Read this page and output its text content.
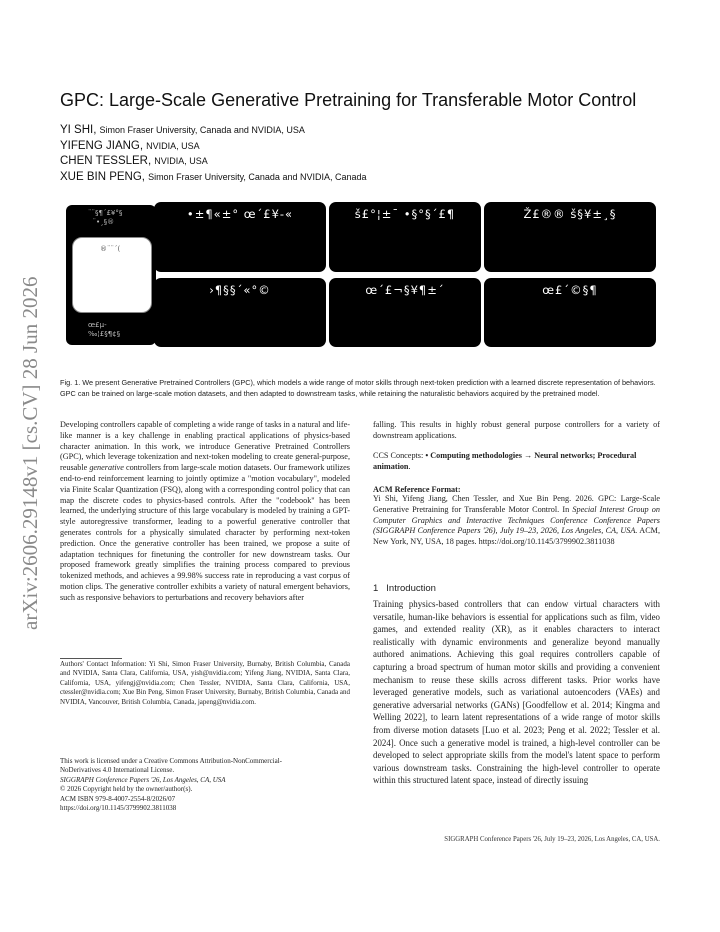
arXiv:2606.29148v1 [cs.CV] 28 Jun 2026
GPC: Large-Scale Generative Pretraining for Transferable Motor Control
YI SHI, Simon Fraser University, Canada and NVIDIA, USA
YIFENG JIANG, NVIDIA, USA
CHEN TESSLER, NVIDIA, USA
XUE BIN PENG, Simon Fraser University, Canada and NVIDIA, Canada
¨¨§¶´£¥°§
¨•¸§®
®¨¨´(
œ£µ-
‰¦£§¶¢§
•±¶«±° œ´£¥-«	š£°¦±¯ •§°§´£¶	Ž£®® š§¥±¸§
›¶§§´«°©	œ´£¬§¥¶±´	œ£´©§¶
Fig. 1. We present Generative Pretrained Controllers (GPC), which models a wide range of motor skills through next-token prediction with a learned discrete representation of behaviors. GPC can be trained on large-scale motion datasets, and then adapted to downstream tasks, while retaining the naturalistic behaviors acquired by the pretrained model.

Developing controllers capable of completing a wide range of tasks in a natural and life-like manner is a key challenge in enabling practical applications of physics-based character animation. In this work, we introduce Generative Pretrained Controllers (GPC), which leverage tokenization and next-token modeling to create general-purpose, reusable generative controllers from large-scale motion datasets. Our framework utilizes end-to-end reinforcement learning to jointly optimize a "motion vocabulary", modeled via Finite Scalar Quantization (FSQ), along with a corresponding control policy that can map the discrete codes to physics-based controls. After the "codebook" has been learned, the underlying structure of this large vocabulary is modeled by training a GPT-style autoregressive transformer, leading to a powerful generative controller that generates controls for a physically simulated character by performing next-token prediction. Once the generative controller has been trained, we propose a suite of adaptation techniques for finetuning the controller for new downstream tasks. Our proposed framework greatly simplifies the training process compared to previous tokenized methods, and achieves a 99.98% success rate in reproducing a vast corpus of motion clips. The generative controller exhibits a variety of natural emergent behaviors, such as responsive behaviors to perturbations and recovery behaviors after

Authors' Contact Information: Yi Shi, Simon Fraser University, Burnaby, British Columbia, Canada and NVIDIA, Santa Clara, California, USA, yish@nvidia.com; Yifeng Jiang, NVIDIA, Santa Clara, California, USA, yifengj@nvidia.com; Chen Tessler, NVIDIA, Santa Clara, California, USA, ctessler@nvidia.com; Xue Bin Peng, Simon Fraser University, Burnaby, British Columbia, Canada and NVIDIA, Vancouver, British Columbia, Canada, japeng@nvidia.com.
This work is licensed under a Creative Commons Attribution-NonCommercial-
NoDerivatives 4.0 International License.
SIGGRAPH Conference Papers '26, Los Angeles, CA, USA
© 2026 Copyright held by the owner/author(s).
ACM ISBN 979-8-4007-2554-8/2026/07
https://doi.org/10.1145/3799902.3811038

falling. This results in highly robust general purpose controllers for a variety of downstream applications.

CCS Concepts: • Computing methodologies → Neural networks; Procedural animation.
ACM Reference Format:
Yi Shi, Yifeng Jiang, Chen Tessler, and Xue Bin Peng. 2026. GPC: Large-Scale Generative Pretraining for Transferable Motor Control. In Special Interest Group on Computer Graphics and Interactive Techniques Conference Conference Papers (SIGGRAPH Conference Papers '26), July 19–23, 2026, Los Angeles, CA, USA. ACM, New York, NY, USA, 18 pages. https://doi.org/10.1145/3799902.3811038
1 Introduction
Training physics-based controllers that can endow virtual characters with versatile, human-like behaviors is essential for applications such as film, video games, and extended reality (XR), as it enables characters to interact realistically with dynamic environments and generalize beyond manually authored animations. Achieving this goal requires controllers capable of capturing a broad spectrum of human motor skills and providing a convenient mechanism to reuse these skills across different tasks. Prior works have leveraged generative models, such as variational autoencoders (VAEs) and generative adversarial networks (GANs) [Goodfellow et al. 2014; Kingma and Welling 2022], to learn latent representations of a wide range of motor skills from diverse motion datasets [Luo et al. 2023; Peng et al. 2022; Tessler et al. 2024]. Once such a generative model is trained, a high-level controller can be developed to select appropriate skills from the model's latent space to perform various downstream tasks. Constraining the high-level controller to operate within this structured latent space, instead of directly issuing
SIGGRAPH Conference Papers '26, July 19–23, 2026, Los Angeles, CA, USA.
